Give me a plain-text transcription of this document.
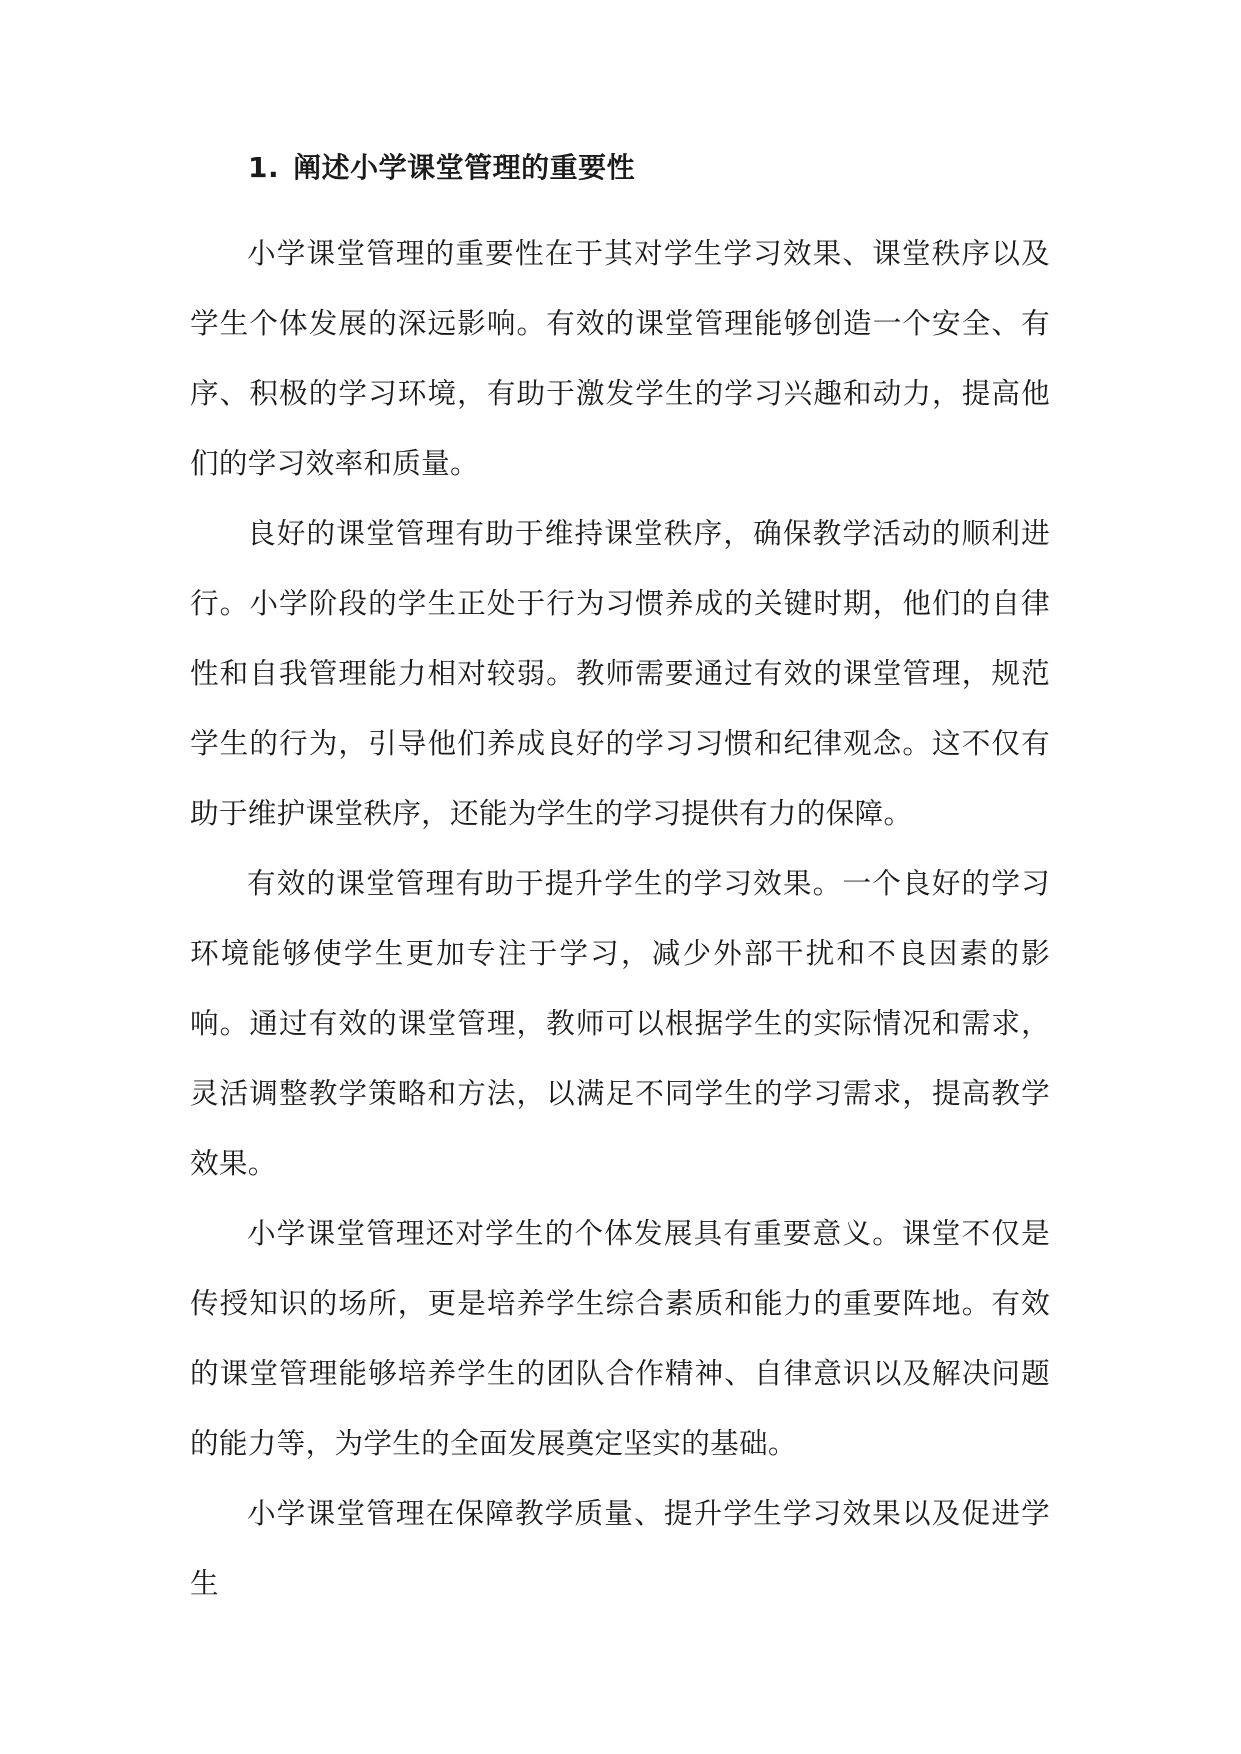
1. 阐述小学课堂管理的重要性

小学课堂管理的重要性在于其对学生学习效果、课堂秩序以及学生个体发展的深远影响。有效的课堂管理能够创造一个安全、有序、积极的学习环境，有助于激发学生的学习兴趣和动力，提高他们的学习效率和质量。

良好的课堂管理有助于维持课堂秩序，确保教学活动的顺利进行。小学阶段的学生正处于行为习惯养成的关键时期，他们的自律性和自我管理能力相对较弱。教师需要通过有效的课堂管理，规范学生的行为，引导他们养成良好的学习习惯和纪律观念。这不仅有助于维护课堂秩序，还能为学生的学习提供有力的保障。

有效的课堂管理有助于提升学生的学习效果。一个良好的学习环境能够使学生更加专注于学习，减少外部干扰和不良因素的影响。通过有效的课堂管理，教师可以根据学生的实际情况和需求，灵活调整教学策略和方法，以满足不同学生的学习需求，提高教学效果。

小学课堂管理还对学生的个体发展具有重要意义。课堂不仅是传授知识的场所，更是培养学生综合素质和能力的重要阵地。有效的课堂管理能够培养学生的团队合作精神、自律意识以及解决问题的能力等，为学生的全面发展奠定坚实的基础。

小学课堂管理在保障教学质量、提升学生学习效果以及促进学生
